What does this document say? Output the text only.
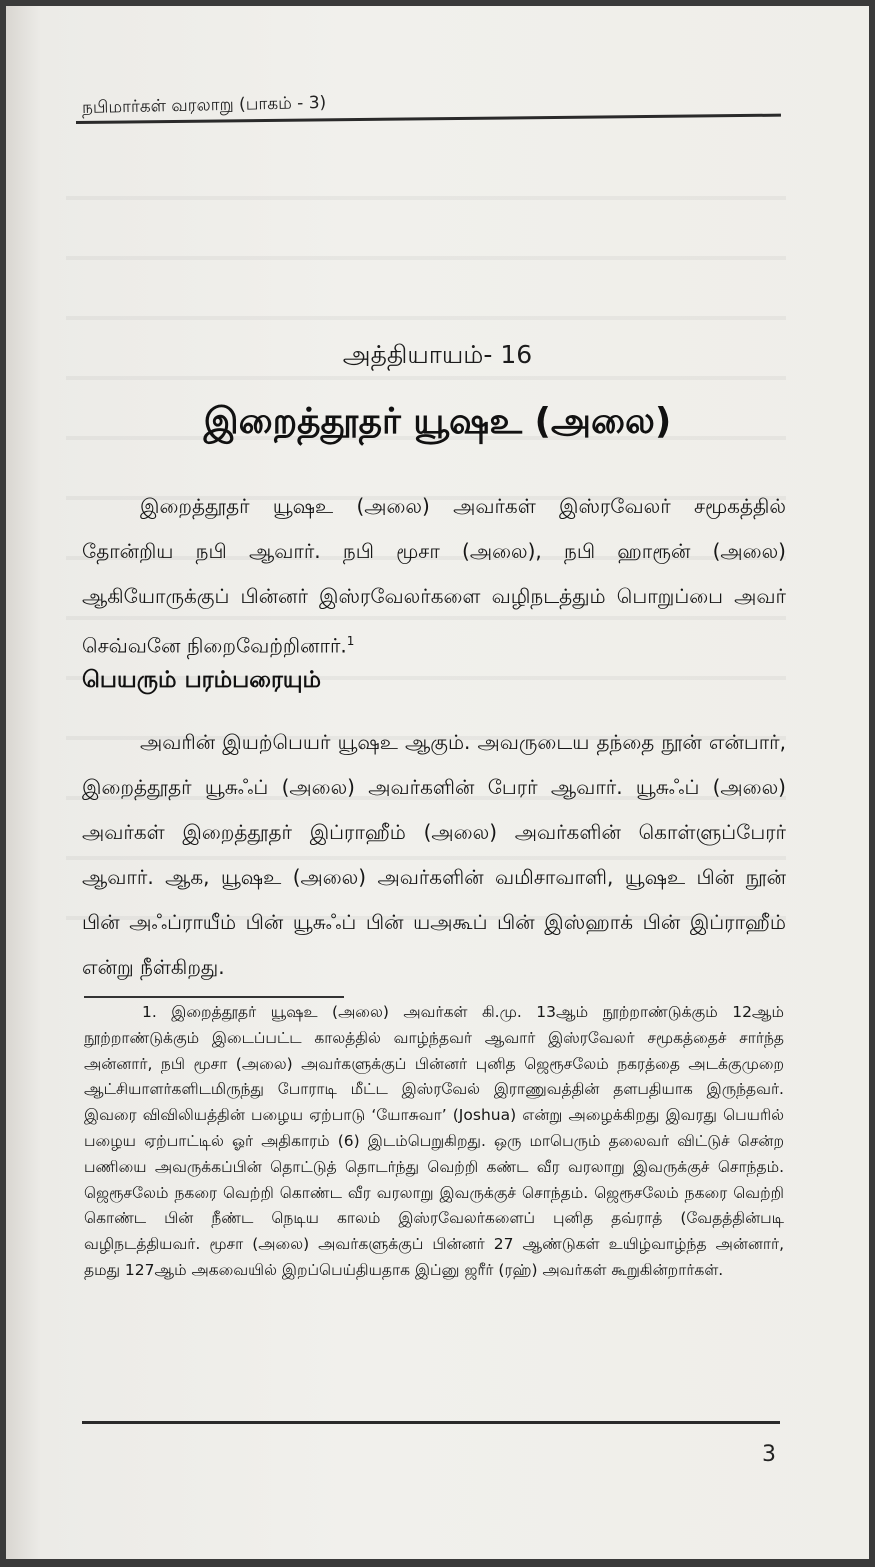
நபிமார்கள் வரலாறு (பாகம் - 3)
அத்தியாயம்- 16
இறைத்தூதர் யூஷஉ (அலை)

இறைத்தூதர் யூஷஉ (அலை) அவர்கள் இஸ்ரவேலர் சமூகத்தில் தோன்றிய நபி ஆவார். நபி மூசா (அலை), நபி ஹாரூன் (அலை) ஆகியோருக்குப் பின்னர் இஸ்ரவேலர்களை வழிநடத்தும் பொறுப்பை அவர் செவ்வனே நிறைவேற்றினார்.$^1$

பெயரும் பரம்பரையும்

அவரின் இயற்பெயர் யூஷஉ ஆகும். அவருடைய தந்தை நூன் என்பார், இறைத்தூதர் யூசுஃப் (அலை) அவர்களின் பேரர் ஆவார். யூசுஃப் (அலை) அவர்கள் இறைத்தூதர் இப்ராஹீம் (அலை) அவர்களின் கொள்ளுப்பேரர் ஆவார். ஆக, யூஷஉ (அலை) அவர்களின் வமிசாவாளி, யூஷஉ பின் நூன் பின் அஃப்ராயீம் பின் யூசுஃப் பின் யஅகூப் பின் இஸ்ஹாக் பின் இப்ராஹீம் என்று நீள்கிறது.

1. இறைத்தூதர் யூஷஉ (அலை) அவர்கள் கி.மு. 13ஆம் நூற்றாண்டுக்கும் 12ஆம் நூற்றாண்டுக்கும் இடைப்பட்ட காலத்தில் வாழ்ந்தவர் ஆவார் இஸ்ரவேலர் சமூகத்தைச் சார்ந்த அன்னார், நபி மூசா (அலை) அவர்களுக்குப் பின்னர் புனித ஜெரூசலேம் நகரத்தை அடக்குமுறை ஆட்சியாளர்களிடமிருந்து போராடி மீட்ட இஸ்ரவேல் இராணுவத்தின் தளபதியாக இருந்தவர். இவரை விவிலியத்தின் பழைய ஏற்பாடு ‘யோசுவா’ (Joshua) என்று அழைக்கிறது இவரது பெயரில் பழைய ஏற்பாட்டில் ஓர் அதிகாரம் (6) இடம்பெறுகிறது. ஒரு மாபெரும் தலைவர் விட்டுச் சென்ற பணியை அவருக்கப்பின் தொட்டுத் தொடர்ந்து வெற்றி கண்ட வீர வரலாறு இவருக்குச் சொந்தம். ஜெரூசலேம் நகரை வெற்றி கொண்ட வீர வரலாறு இவருக்குச் சொந்தம். ஜெரூசலேம் நகரை வெற்றி கொண்ட பின் நீண்ட நெடிய காலம் இஸ்ரவேலர்களைப் புனித தவ்ராத் (வேதத்தின்படி வழிநடத்தியவர். மூசா (அலை) அவர்களுக்குப் பின்னர் 27 ஆண்டுகள் உயிழ்வாழ்ந்த அன்னார், தமது 127ஆம் அகவையில் இறப்பெய்தியதாக இப்னு ஜரீர் (ரஹ்) அவர்கள் கூறுகின்றார்கள்.

3
